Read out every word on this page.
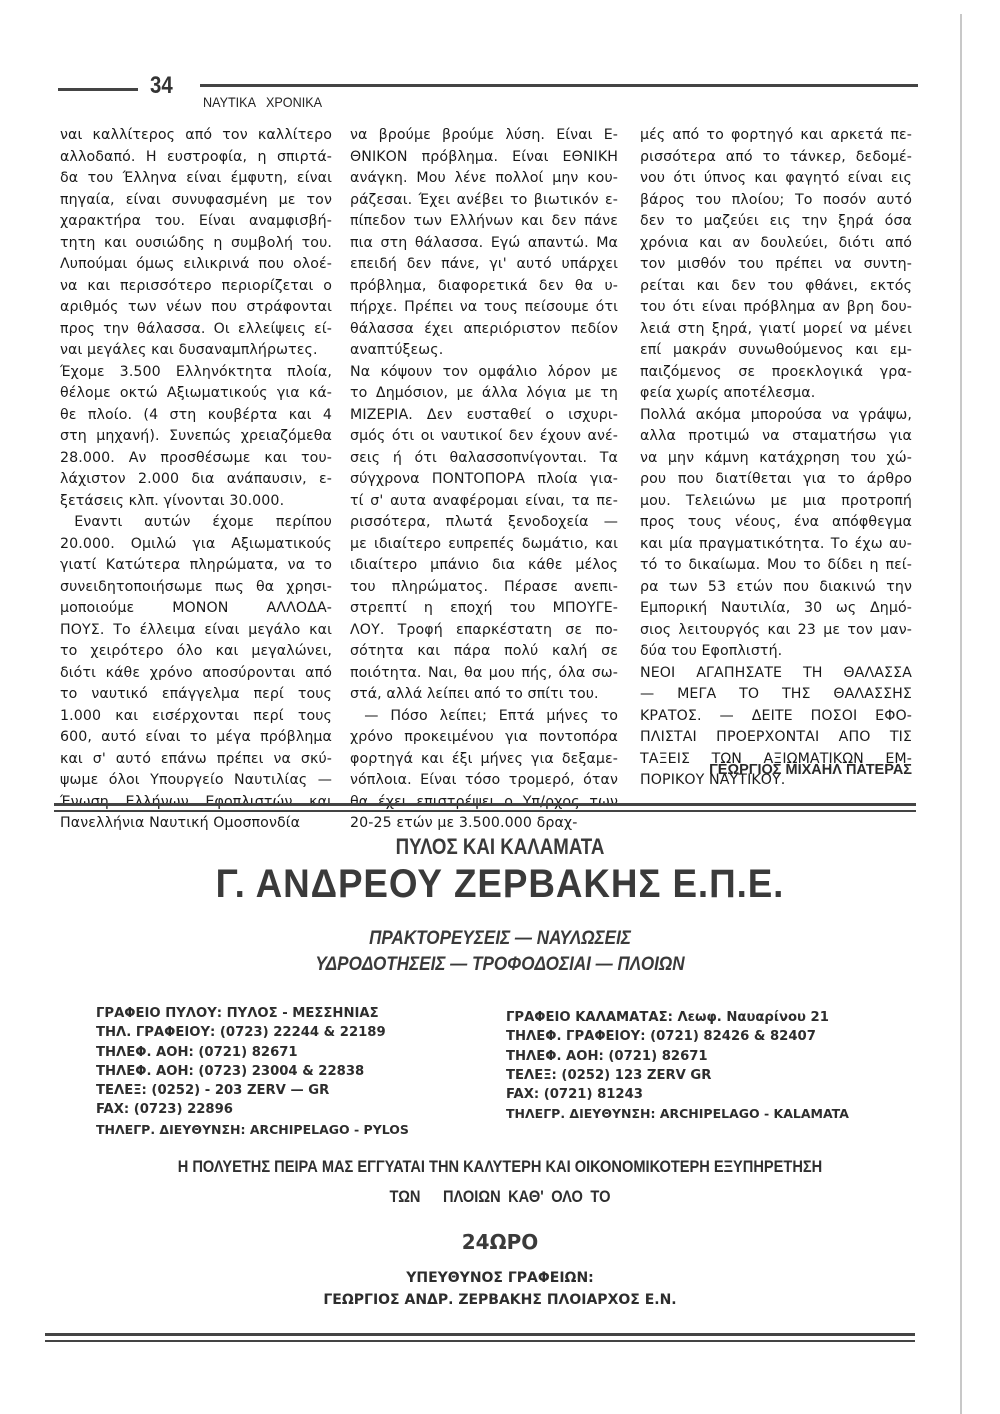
34
ΝΑΥΤΙΚΑ ΧΡΟΝΙΚΑ
ναι καλλίτερος από τον καλλίτερο
αλλοδαπό. Η ευστροφία, η σπιρτά-
δα του Έλληνα είναι έμφυτη, είναι
πηγαία, είναι συνυφασμένη με τον
χαρακτήρα του. Είναι αναμφισβή-
τητη και ουσιώδης η συμβολή του.
Λυπούμαι όμως ειλικρινά που ολοέ-
να και περισσότερο περιορίζεται ο
αριθμός των νέων που στράφονται
προς την θάλασσα. Οι ελλείψεις εί-
ναι μεγάλες και δυσαναμπλήρωτες.
Έχομε 3.500 Ελληνόκτητα πλοία,
θέλομε οκτώ Αξιωματικούς για κά-
θε πλοίο. (4 στη κουβέρτα και 4
στη μηχανή). Συνεπώς χρειαζόμεθα
28.000. Αν προσθέσωμε και του-
λάχιστον 2.000 δια ανάπαυσιν, ε-
ξετάσεις κλπ. γίνονται 30.000.
 Εναντι αυτών έχομε περίπου
20.000. Ομιλώ για Αξιωματικούς
γιατί Κατώτερα πληρώματα, να το
συνειδητοποιήσωμε πως θα χρησι-
μοποιούμε ΜΟΝΟΝ ΑΛΛΟΔΑ-
ΠΟΥΣ. Το έλλειμα είναι μεγάλο και
το χειρότερο όλο και μεγαλώνει,
διότι κάθε χρόνο αποσύρονται από
το ναυτικό επάγγελμα περί τους
1.000 και εισέρχονται περί τους
600, αυτό είναι το μέγα πρόβλημα
και σ' αυτό επάνω πρέπει να σκύ-
ψωμε όλοι Υπουργείο Ναυτιλίας —
Ένωση Ελλήνων Εφοπλιστών και
Πανελλήνια Ναυτική Ομοσπονδία
να βρούμε βρούμε λύση. Είναι Ε-
ΘΝΙΚΟΝ πρόβλημα. Είναι ΕΘΝΙΚΗ
ανάγκη. Μου λένε πολλοί μην κου-
ράζεσαι. Έχει ανέβει το βιωτικόν ε-
πίπεδον των Ελλήνων και δεν πάνε
πια στη θάλασσα. Εγώ απαντώ. Μα
επειδή δεν πάνε, γι' αυτό υπάρχει
πρόβλημα, διαφορετικά δεν θα υ-
πήρχε. Πρέπει να τους πείσουμε ότι
θάλασσα έχει απεριόριστον πεδίον
αναπτύξεως.
Να κόψουν τον ομφάλιο λόρον με
το Δημόσιον, με άλλα λόγια με τη
ΜΙΖΕΡΙΑ. Δεν ευσταθεί ο ισχυρι-
σμός ότι οι ναυτικοί δεν έχουν ανέ-
σεις ή ότι θαλασσοπνίγονται. Τα
σύγχρονα ΠΟΝΤΟΠΟΡΑ πλοία για-
τί σ' αυτα αναφέρομαι είναι, τα πε-
ρισσότερα, πλωτά ξενοδοχεία —
με ιδιαίτερο ευπρεπές δωμάτιο, και
ιδιαίτερο μπάνιο δια κάθε μέλος
του πληρώματος. Πέρασε ανεπι-
στρεπτί η εποχή του ΜΠΟΥΓΕ-
ΛΟΥ. Τροφή επαρκέστατη σε πο-
σότητα και πάρα πολύ καλή σε
ποιότητα. Ναι, θα μου πής, όλα σω-
στά, αλλά λείπει από το σπίτι του.
 — Πόσο λείπει; Επτά μήνες το
χρόνο προκειμένου για ποντοπόρα
φορτηγά και έξι μήνες για δεξαμε-
νόπλοια. Είναι τόσο τρομερό, όταν
θα έχει επιστρέψει ο Υπ/ρχος των
20-25 ετών με 3.500.000 δραχ-
μές από το φορτηγό και αρκετά πε-
ρισσότερα από το τάνκερ, δεδομέ-
νου ότι ύπνος και φαγητό είναι εις
βάρος του πλοίου; Το ποσόν αυτό
δεν το μαζεύει εις την ξηρά όσα
χρόνια και αν δουλεύει, διότι από
τον μισθόν του πρέπει να συντη-
ρείται και δεν του φθάνει, εκτός
του ότι είναι πρόβλημα αν βρη δου-
λειά στη ξηρά, γιατί μορεί να μένει
επί μακράν συνωθούμενος και εμ-
παιζόμενος σε προεκλογικά γρα-
φεία χωρίς αποτέλεσμα.
Πολλά ακόμα μπορούσα να γράψω,
αλλα προτιμώ να σταματήσω για
να μην κάμνη κατάχρηση του χώ-
ρου που διατίθεται για το άρθρο
μου. Τελειώνω με μια προτροπή
προς τους νέους, ένα απόφθεγμα
και μία πραγματικότητα. Το έχω αυ-
τό το δικαίωμα. Μου το δίδει η πεί-
ρα των 53 ετών που διακινώ την
Εμπορική Ναυτιλία, 30 ως Δημό-
σιος λειτουργός και 23 με τον μαν-
δύα του Εφοπλιστή.
ΝΕΟΙ ΑΓΑΠΗΣΑΤΕ ΤΗ ΘΑΛΑΣΣΑ
— ΜΕΓΑ ΤΟ ΤΗΣ ΘΑΛΑΣΣΗΣ
ΚΡΑΤΟΣ. — ΔΕΙΤΕ ΠΟΣΟΙ ΕΦΟ-
ΠΛΙΣΤΑΙ ΠΡΟΕΡΧΟΝΤΑΙ ΑΠΟ ΤΙΣ
ΤΑΞΕΙΣ ΤΩΝ ΑΞΙΩΜΑΤΙΚΩΝ ΕΜ-
ΠΟΡΙΚΟΥ ΝΑΥΤΙΚΟΥ.
ΓΕΩΡΓΙΟΣ ΜΙΧΑΗΛ ΠΑΤΕΡΑΣ
ΠΥΛΟΣ ΚΑΙ ΚΑΛΑΜΑΤΑ
Γ. ΑΝΔΡΕΟΥ ΖΕΡΒΑΚΗΣ Ε.Π.Ε.
ΠΡΑΚΤΟΡΕΥΣΕΙΣ — ΝΑΥΛΩΣΕΙΣ
ΥΔΡΟΔΟΤΗΣΕΙΣ — ΤΡΟΦΟΔΟΣΙΑΙ — ΠΛΟΙΩΝ
ΓΡΑΦΕΙΟ ΠΥΛΟΥ: ΠΥΛΟΣ - ΜΕΣΣΗΝΙΑΣ
ΤΗΛ. ΓΡΑΦΕΙΟΥ: (0723) 22244 & 22189
ΤΗΛΕΦ. ΑΟΗ: (0721) 82671
ΤΗΛΕΦ. ΑΟΗ: (0723) 23004 & 22838
ΤΕΛΕΞ: (0252) - 203 ZERV — GR
FAX: (0723) 22896
ΤΗΛΕΓΡ. ΔΙΕΥΘΥΝΣΗ: ARCHIPELAGO - PYLOS
ΓΡΑΦΕΙΟ ΚΑΛΑΜΑΤΑΣ: Λεωφ. Ναυαρίνου 21
ΤΗΛΕΦ. ΓΡΑΦΕΙΟΥ: (0721) 82426 & 82407
ΤΗΛΕΦ. ΑΟΗ: (0721) 82671
ΤΕΛΕΞ: (0252) 123 ZERV GR
FAX: (0721) 81243
ΤΗΛΕΓΡ. ΔΙΕΥΘΥΝΣΗ: ARCHIPELAGO - KALAMATA
Η ΠΟΛΥΕΤΗΣ ΠΕΙΡΑ ΜΑΣ ΕΓΓΥΑΤΑΙ ΤΗΝ ΚΑΛΥΤΕΡΗ ΚΑΙ ΟΙΚΟΝΟΜΙΚΟΤΕΡΗ ΕΞΥΠΗΡΕΤΗΣΗ
ΤΩΝ   ΠΛΟΙΩΝ ΚΑΘ' ΟΛΟ ΤΟ
24ΩΡΟ
ΥΠΕΥΘΥΝΟΣ ΓΡΑΦΕΙΩΝ:
ΓΕΩΡΓΙΟΣ ΑΝΔΡ. ΖΕΡΒΑΚΗΣ ΠΛΟΙΑΡΧΟΣ Ε.Ν.
